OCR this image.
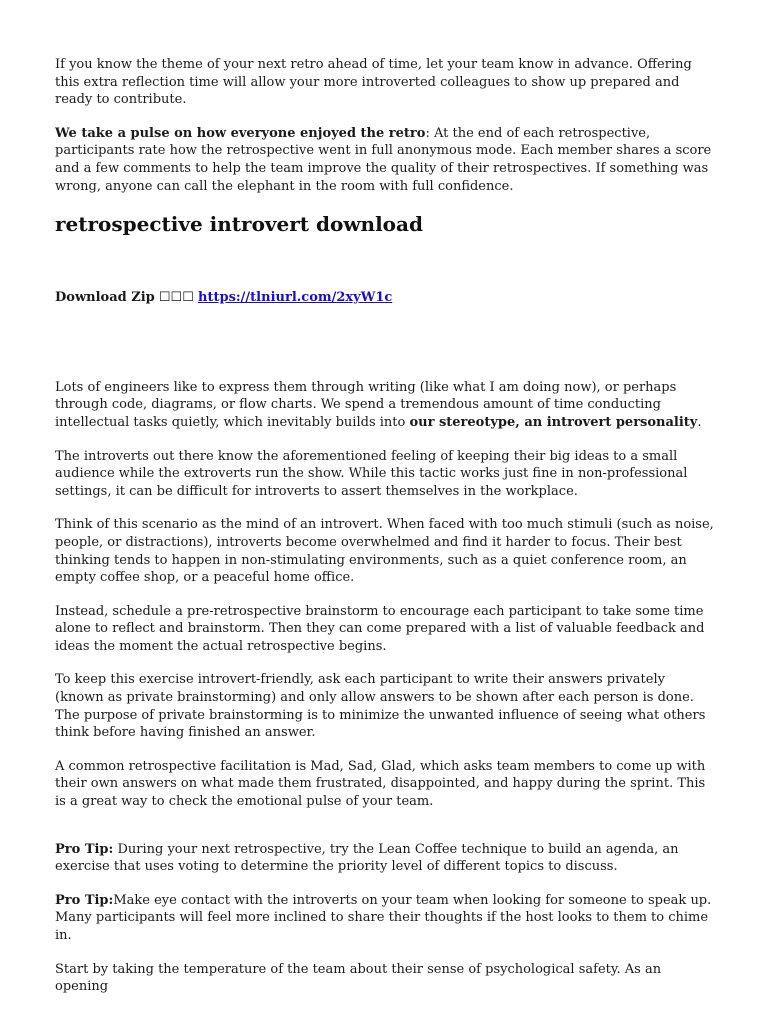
If you know the theme of your next retro ahead of time, let your team know in advance. Offering this extra reflection time will allow your more introverted colleagues to show up prepared and ready to contribute.

We take a pulse on how everyone enjoyed the retro: At the end of each retrospective, participants rate how the retrospective went in full anonymous mode. Each member shares a score and a few comments to help the team improve the quality of their retrospectives. If something was wrong, anyone can call the elephant in the room with full confidence.

retrospective introvert download

Download Zip ☐☐☐ https://tlniurl.com/2xyW1c

Lots of engineers like to express them through writing (like what I am doing now), or perhaps through code, diagrams, or flow charts. We spend a tremendous amount of time conducting intellectual tasks quietly, which inevitably builds into our stereotype, an introvert personality.

The introverts out there know the aforementioned feeling of keeping their big ideas to a small audience while the extroverts run the show. While this tactic works just fine in non-professional settings, it can be difficult for introverts to assert themselves in the workplace.

Think of this scenario as the mind of an introvert. When faced with too much stimuli (such as noise, people, or distractions), introverts become overwhelmed and find it harder to focus. Their best thinking tends to happen in non-stimulating environments, such as a quiet conference room, an empty coffee shop, or a peaceful home office.

Instead, schedule a pre-retrospective brainstorm to encourage each participant to take some time alone to reflect and brainstorm. Then they can come prepared with a list of valuable feedback and ideas the moment the actual retrospective begins.

To keep this exercise introvert-friendly, ask each participant to write their answers privately (known as private brainstorming) and only allow answers to be shown after each person is done. The purpose of private brainstorming is to minimize the unwanted influence of seeing what others think before having finished an answer.

A common retrospective facilitation is Mad, Sad, Glad, which asks team members to come up with their own answers on what made them frustrated, disappointed, and happy during the sprint. This is a great way to check the emotional pulse of your team.

Pro Tip: During your next retrospective, try the Lean Coffee technique to build an agenda, an exercise that uses voting to determine the priority level of different topics to discuss.

Pro Tip:Make eye contact with the introverts on your team when looking for someone to speak up. Many participants will feel more inclined to share their thoughts if the host looks to them to chime in.

Start by taking the temperature of the team about their sense of psychological safety. As an opening
